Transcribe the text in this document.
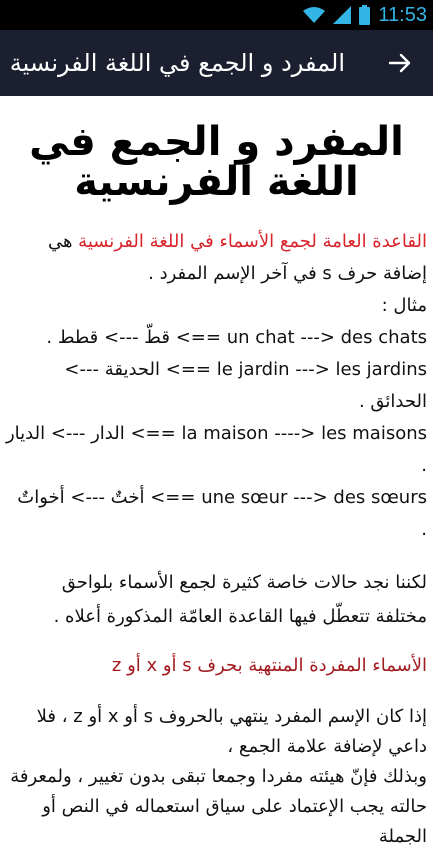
11:53
المفرد و الجمع في اللغة الفرنسية
المفرد و الجمع في اللغة الفرنسية
القاعدة العامة لجمع الأسماء في اللغة الفرنسية هي إضافة حرف s في آخر الإسم المفرد .
مثال :
un chat ---> des chats ==> قطّ ---> قطط .
le jardin ---> les jardins ==> الحديقة ---> الحدائق .
la maison ----> les maisons ==> الدار ---> الديار .
une sœur ---> des sœurs ==> أختٌ ---> أخواتٌ .
لكننا نجد حالات خاصة كثيرة لجمع الأسماء بلواحق مختلفة تتعطّل فيها القاعدة العامّة المذكورة أعلاه .
الأسماء المفردة المنتهية بحرف s أو x أو z
إذا كان الإسم المفرد ينتهي بالحروف s أو x أو z ، فلا داعي لإضافة علامة الجمع ،
وبذلك فإنّ هيئته مفردا وجمعا تبقى بدون تغيير ، ولمعرفة حالته يجب الإعتماد على سياق استعماله في النص أو الجملة
